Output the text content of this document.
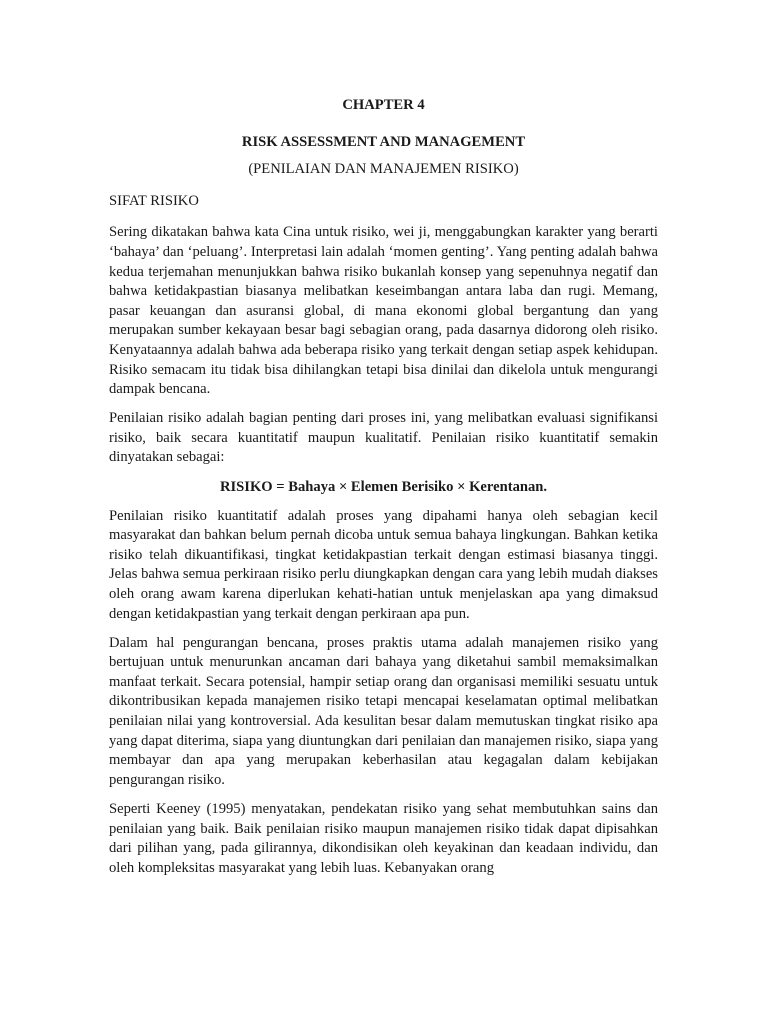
CHAPTER 4
RISK ASSESSMENT AND MANAGEMENT
(PENILAIAN DAN MANAJEMEN RISIKO)
SIFAT RISIKO

Sering dikatakan bahwa kata Cina untuk risiko, wei ji, menggabungkan karakter yang berarti ‘bahaya’ dan ‘peluang’. Interpretasi lain adalah ‘momen genting’. Yang penting adalah bahwa kedua terjemahan menunjukkan bahwa risiko bukanlah konsep yang sepenuhnya negatif dan bahwa ketidakpastian biasanya melibatkan keseimbangan antara laba dan rugi. Memang, pasar keuangan dan asuransi global, di mana ekonomi global bergantung dan yang merupakan sumber kekayaan besar bagi sebagian orang, pada dasarnya didorong oleh risiko. Kenyataannya adalah bahwa ada beberapa risiko yang terkait dengan setiap aspek kehidupan. Risiko semacam itu tidak bisa dihilangkan tetapi bisa dinilai dan dikelola untuk mengurangi dampak bencana.

Penilaian risiko adalah bagian penting dari proses ini, yang melibatkan evaluasi signifikansi risiko, baik secara kuantitatif maupun kualitatif. Penilaian risiko kuantitatif semakin dinyatakan sebagai:

RISIKO = Bahaya × Elemen Berisiko × Kerentanan.

Penilaian risiko kuantitatif adalah proses yang dipahami hanya oleh sebagian kecil masyarakat dan bahkan belum pernah dicoba untuk semua bahaya lingkungan. Bahkan ketika risiko telah dikuantifikasi, tingkat ketidakpastian terkait dengan estimasi biasanya tinggi. Jelas bahwa semua perkiraan risiko perlu diungkapkan dengan cara yang lebih mudah diakses oleh orang awam karena diperlukan kehati-hatian untuk menjelaskan apa yang dimaksud dengan ketidakpastian yang terkait dengan perkiraan apa pun.

Dalam hal pengurangan bencana, proses praktis utama adalah manajemen risiko yang bertujuan untuk menurunkan ancaman dari bahaya yang diketahui sambil memaksimalkan manfaat terkait. Secara potensial, hampir setiap orang dan organisasi memiliki sesuatu untuk dikontribusikan kepada manajemen risiko tetapi mencapai keselamatan optimal melibatkan penilaian nilai yang kontroversial. Ada kesulitan besar dalam memutuskan tingkat risiko apa yang dapat diterima, siapa yang diuntungkan dari penilaian dan manajemen risiko, siapa yang membayar dan apa yang merupakan keberhasilan atau kegagalan dalam kebijakan pengurangan risiko.

Seperti Keeney (1995) menyatakan, pendekatan risiko yang sehat membutuhkan sains dan penilaian yang baik. Baik penilaian risiko maupun manajemen risiko tidak dapat dipisahkan dari pilihan yang, pada gilirannya, dikondisikan oleh keyakinan dan keadaan individu, dan oleh kompleksitas masyarakat yang lebih luas. Kebanyakan orang
